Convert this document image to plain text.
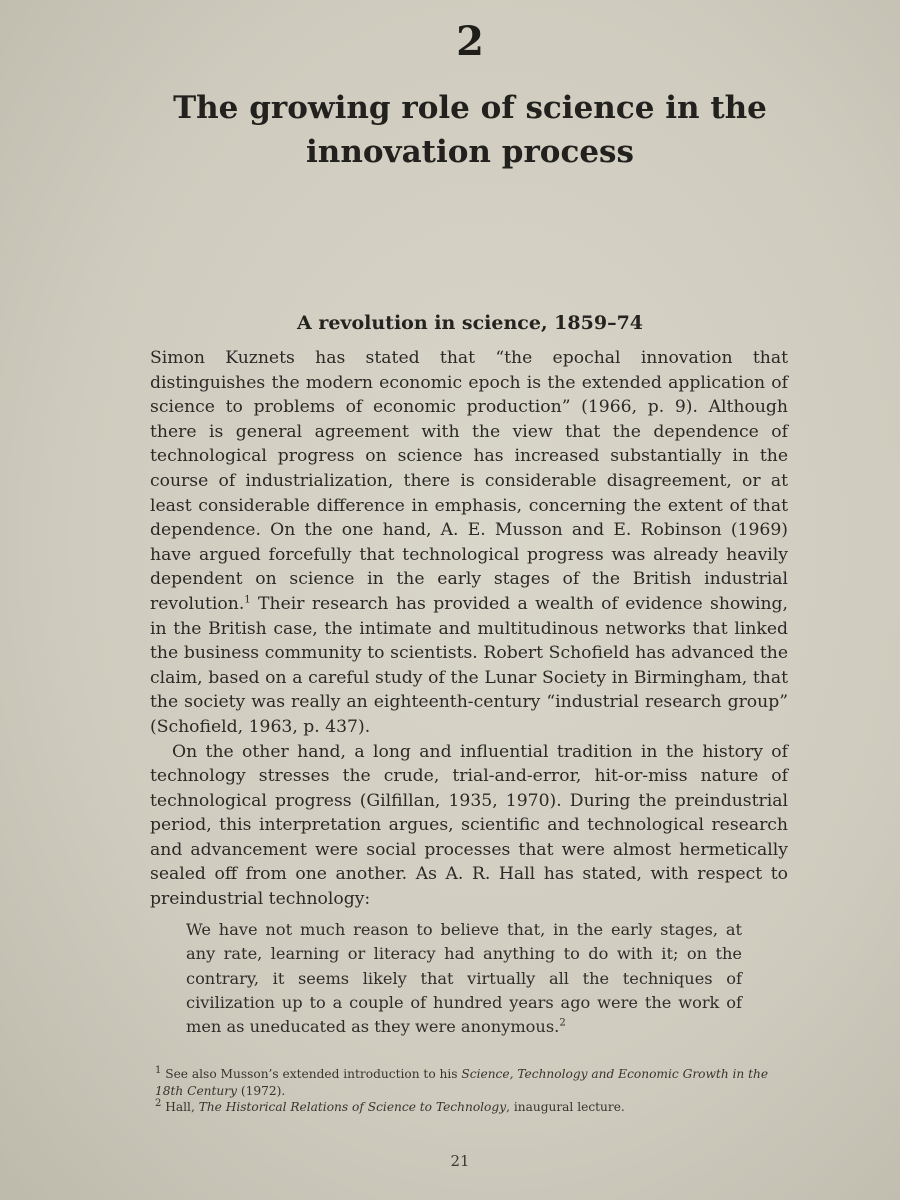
2
The growing role of science in the innovation process
A revolution in science, 1859–74

Simon Kuznets has stated that “the epochal innovation that distinguishes the modern economic epoch is the extended application of science to problems of economic production” (1966, p. 9). Although there is general agreement with the view that the dependence of technological progress on science has increased substantially in the course of industrialization, there is considerable disagreement, or at least considerable difference in emphasis, concerning the extent of that dependence. On the one hand, A. E. Musson and E. Robinson (1969) have argued forcefully that technological progress was already heavily dependent on science in the early stages of the British industrial revolution.$^1$ Their research has provided a wealth of evidence showing, in the British case, the intimate and multitudinous networks that linked the business community to scientists. Robert Schofield has advanced the claim, based on a careful study of the Lunar Society in Birmingham, that the society was really an eighteenth-century “industrial research group” (Schofield, 1963, p. 437).

On the other hand, a long and influential tradition in the history of technology stresses the crude, trial-and-error, hit-or-miss nature of technological progress (Gilfillan, 1935, 1970). During the preindustrial period, this interpretation argues, scientific and technological research and advancement were social processes that were almost hermetically sealed off from one another. As A. R. Hall has stated, with respect to preindustrial technology:

We have not much reason to believe that, in the early stages, at any rate, learning or literacy had anything to do with it; on the contrary, it seems likely that virtually all the techniques of civilization up to a couple of hundred years ago were the work of men as uneducated as they were anonymous.$^2$

$^1$ See also Musson’s extended introduction to his Science, Technology and Economic Growth in the 18th Century (1972).

$^2$ Hall, The Historical Relations of Science to Technology, inaugural lecture.

21
